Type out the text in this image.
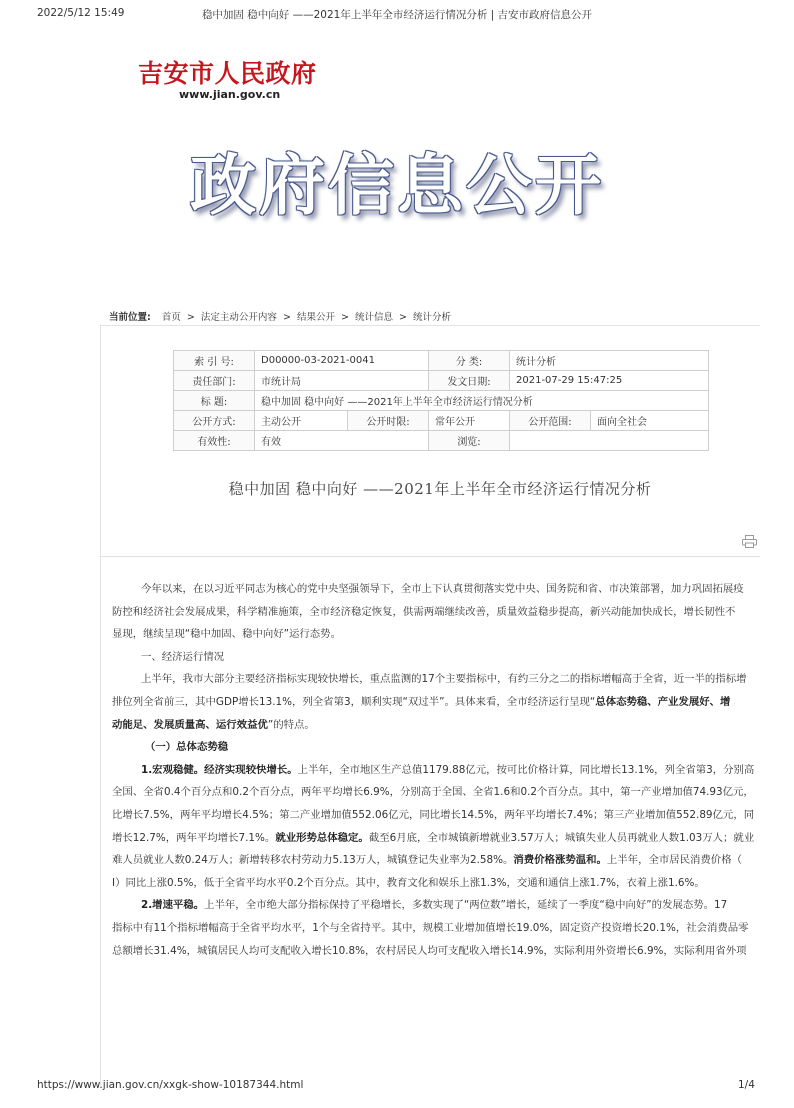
2022/5/12 15:49	稳中加固 稳中向好 ——2021年上半年全市经济运行情况分析 | 吉安市政府信息公开
吉安市人民政府
www.jian.gov.cn
政府信息公开
当前位置: 首页 > 法定主动公开内容 > 结果公开 > 统计信息 > 统计分析
索 引 号:	D00000-03-2021-0041		分 类:	统计分析	
责任部门:	市统计局		发文日期:	2021-07-29 15:47:25	
标 题:	稳中加固 稳中向好 ——2021年上半年全市经济运行情况分析				
公开方式:	主动公开	公开时限:	常年公开	公开范围:	面向全社会
有效性:	有效		浏览:		
稳中加固 稳中向好 ——2021年上半年全市经济运行情况分析
今年以来，在以习近平同志为核心的党中央坚强领导下，全市上下认真贯彻落实党中央、国务院和省、市决策部署，加力巩固拓展疫
防控和经济社会发展成果，科学精准施策，全市经济稳定恢复，供需两端继续改善，质量效益稳步提高，新兴动能加快成长，增长韧性不
显现，继续呈现“稳中加固、稳中向好”运行态势。
一、经济运行情况
上半年，我市大部分主要经济指标实现较快增长，重点监测的17个主要指标中，有约三分之二的指标增幅高于全省，近一半的指标增
排位列全省前三，其中GDP增长13.1%，列全省第3，顺利实现“双过半”。具体来看，全市经济运行呈现“总体态势稳、产业发展好、增
动能足、发展质量高、运行效益优”的特点。
（一）总体态势稳
1.宏观稳健。经济实现较快增长。上半年，全市地区生产总值1179.88亿元，按可比价格计算，同比增长13.1%，列全省第3，分别高
全国、全省0.4个百分点和0.2个百分点，两年平均增长6.9%，分别高于全国、全省1.6和0.2个百分点。其中，第一产业增加值74.93亿元，
比增长7.5%，两年平均增长4.5%；第二产业增加值552.06亿元，同比增长14.5%，两年平均增长7.4%；第三产业增加值552.89亿元，同
增长12.7%，两年平均增长7.1%。就业形势总体稳定。截至6月底，全市城镇新增就业3.57万人；城镇失业人员再就业人数1.03万人；就业
难人员就业人数0.24万人；新增转移农村劳动力5.13万人，城镇登记失业率为2.58%。消费价格涨势温和。上半年，全市居民消费价格（
I）同比上涨0.5%，低于全省平均水平0.2个百分点。其中，教育文化和娱乐上涨1.3%，交通和通信上涨1.7%，衣着上涨1.6%。
2.增速平稳。上半年，全市绝大部分指标保持了平稳增长，多数实现了“两位数”增长，延续了一季度“稳中向好”的发展态势。17
指标中有11个指标增幅高于全省平均水平，1个与全省持平。其中，规模工业增加值增长19.0%，固定资产投资增长20.1%，社会消费品零
总额增长31.4%，城镇居民人均可支配收入增长10.8%，农村居民人均可支配收入增长14.9%，实际利用外资增长6.9%，实际利用省外项
https://www.jian.gov.cn/xxgk-show-10187344.html	1/4
